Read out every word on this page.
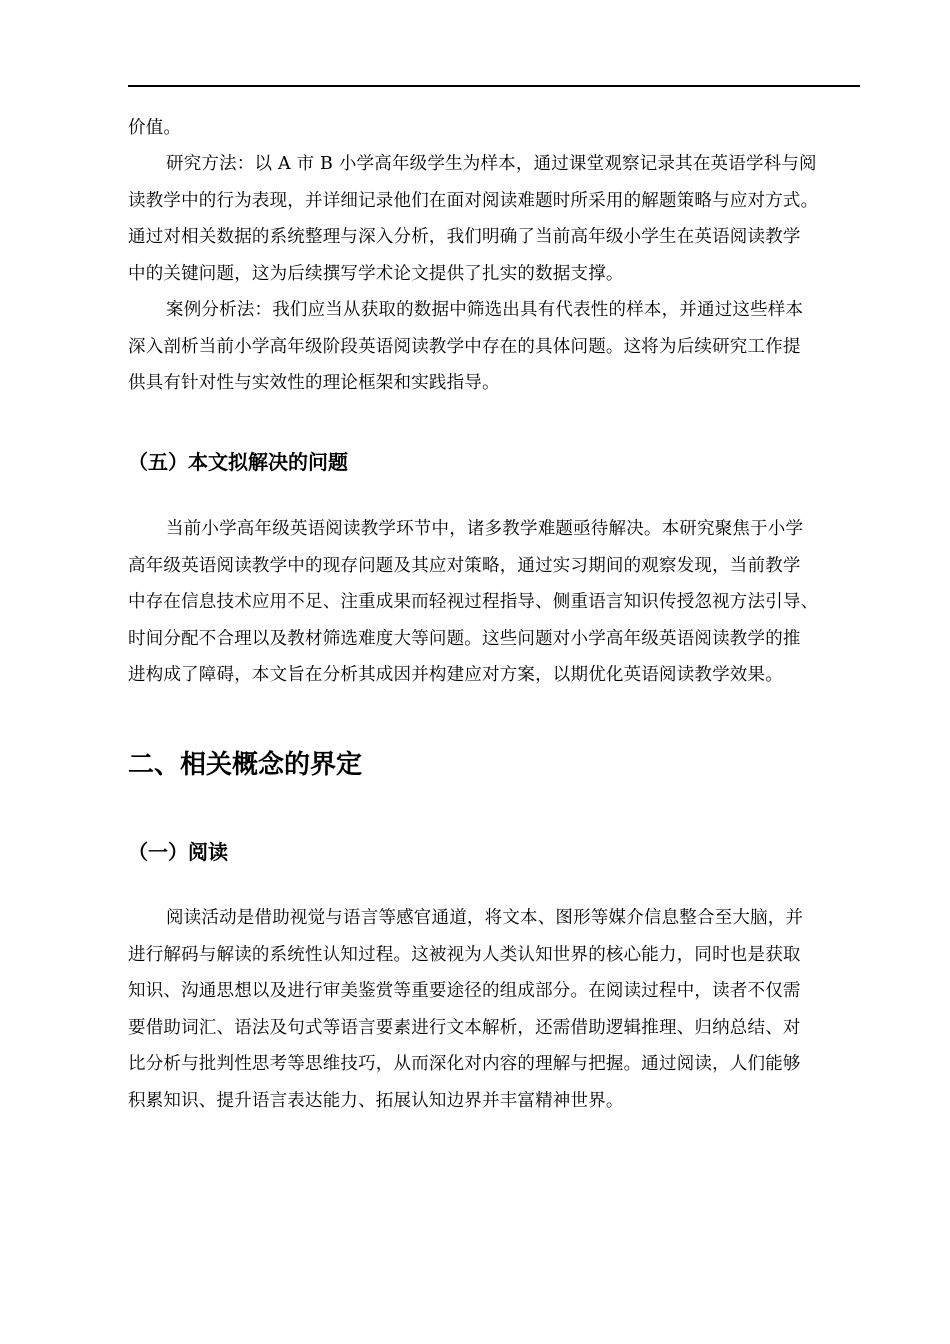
价值。
研究方法：以 A 市 B 小学高年级学生为样本，通过课堂观察记录其在英语学科与阅
读教学中的行为表现，并详细记录他们在面对阅读难题时所采用的解题策略与应对方式。
通过对相关数据的系统整理与深入分析，我们明确了当前高年级小学生在英语阅读教学
中的关键问题，这为后续撰写学术论文提供了扎实的数据支撑。
案例分析法：我们应当从获取的数据中筛选出具有代表性的样本，并通过这些样本
深入剖析当前小学高年级阶段英语阅读教学中存在的具体问题。这将为后续研究工作提
供具有针对性与实效性的理论框架和实践指导。
（五）本文拟解决的问题
当前小学高年级英语阅读教学环节中，诸多教学难题亟待解决。本研究聚焦于小学
高年级英语阅读教学中的现存问题及其应对策略，通过实习期间的观察发现，当前教学
中存在信息技术应用不足、注重成果而轻视过程指导、侧重语言知识传授忽视方法引导、
时间分配不合理以及教材筛选难度大等问题。这些问题对小学高年级英语阅读教学的推
进构成了障碍，本文旨在分析其成因并构建应对方案，以期优化英语阅读教学效果。
二、相关概念的界定
（一）阅读
阅读活动是借助视觉与语言等感官通道，将文本、图形等媒介信息整合至大脑，并
进行解码与解读的系统性认知过程。这被视为人类认知世界的核心能力，同时也是获取
知识、沟通思想以及进行审美鉴赏等重要途径的组成部分。在阅读过程中，读者不仅需
要借助词汇、语法及句式等语言要素进行文本解析，还需借助逻辑推理、归纳总结、对
比分析与批判性思考等思维技巧，从而深化对内容的理解与把握。通过阅读，人们能够
积累知识、提升语言表达能力、拓展认知边界并丰富精神世界。
